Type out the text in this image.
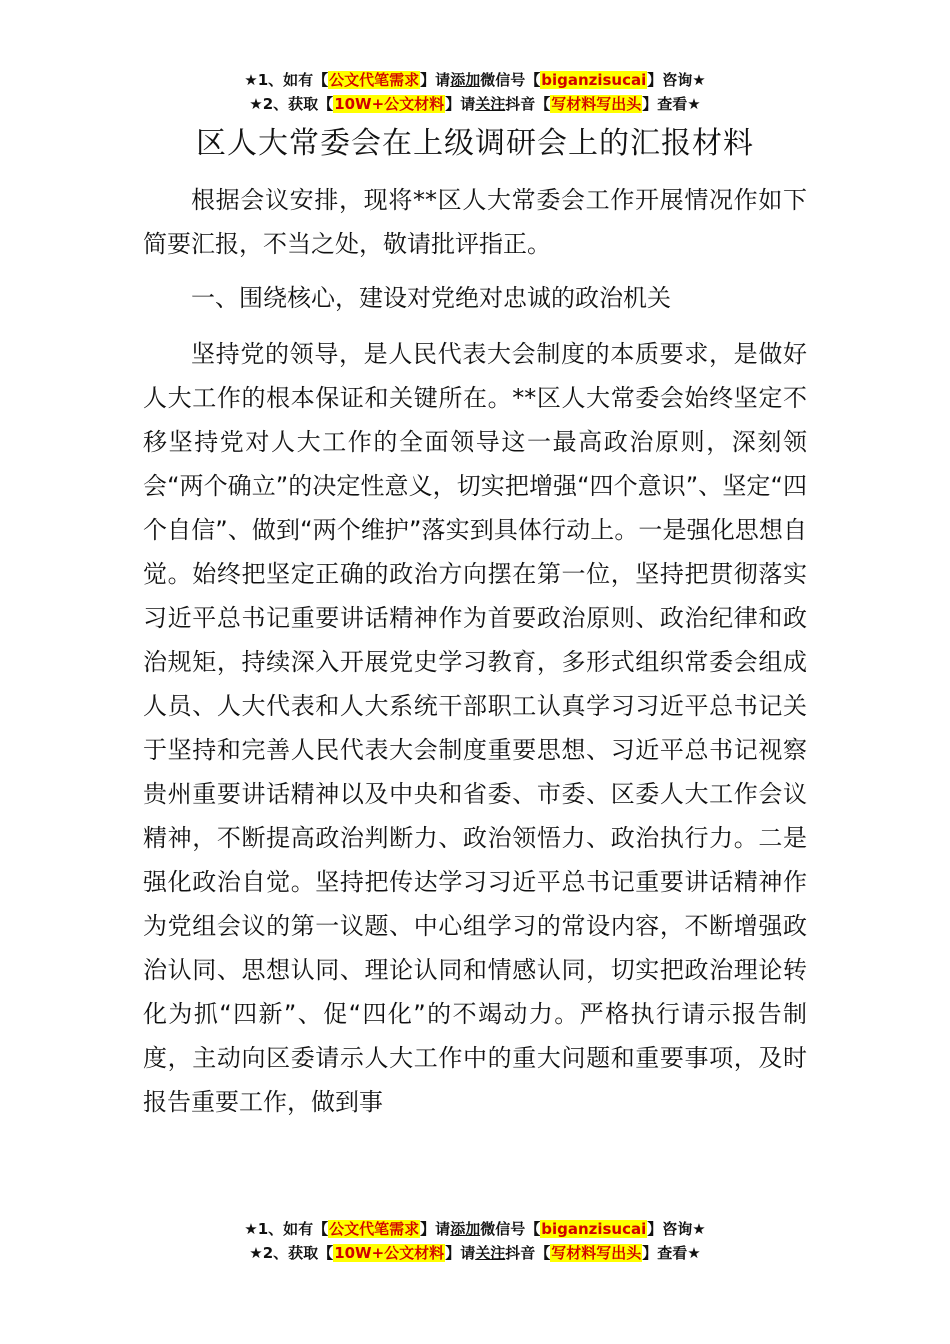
★1、如有【公文代笔需求】请添加微信号【biganzisucai】咨询★
★2、获取【10W+公文材料】请关注抖音【写材料写出头】查看★
区人大常委会在上级调研会上的汇报材料

根据会议安排，现将**区人大常委会工作开展情况作如下简要汇报，不当之处，敬请批评指正。

一、围绕核心，建设对党绝对忠诚的政治机关

坚持党的领导，是人民代表大会制度的本质要求，是做好人大工作的根本保证和关键所在。**区人大常委会始终坚定不移坚持党对人大工作的全面领导这一最高政治原则，深刻领会“两个确立”的决定性意义，切实把增强“四个意识”、坚定“四个自信”、做到“两个维护”落实到具体行动上。一是强化思想自觉。始终把坚定正确的政治方向摆在第一位，坚持把贯彻落实习近平总书记重要讲话精神作为首要政治原则、政治纪律和政治规矩，持续深入开展党史学习教育，多形式组织常委会组成人员、人大代表和人大系统干部职工认真学习习近平总书记关于坚持和完善人民代表大会制度重要思想、习近平总书记视察贵州重要讲话精神以及中央和省委、市委、区委人大工作会议精神，不断提高政治判断力、政治领悟力、政治执行力。二是强化政治自觉。坚持把传达学习习近平总书记重要讲话精神作为党组会议的第一议题、中心组学习的常设内容，不断增强政治认同、思想认同、理论认同和情感认同，切实把政治理论转化为抓“四新”、促“四化”的不竭动力。严格执行请示报告制度，主动向区委请示人大工作中的重大问题和重要事项，及时报告重要工作，做到事

★1、如有【公文代笔需求】请添加微信号【biganzisucai】咨询★
★2、获取【10W+公文材料】请关注抖音【写材料写出头】查看★
